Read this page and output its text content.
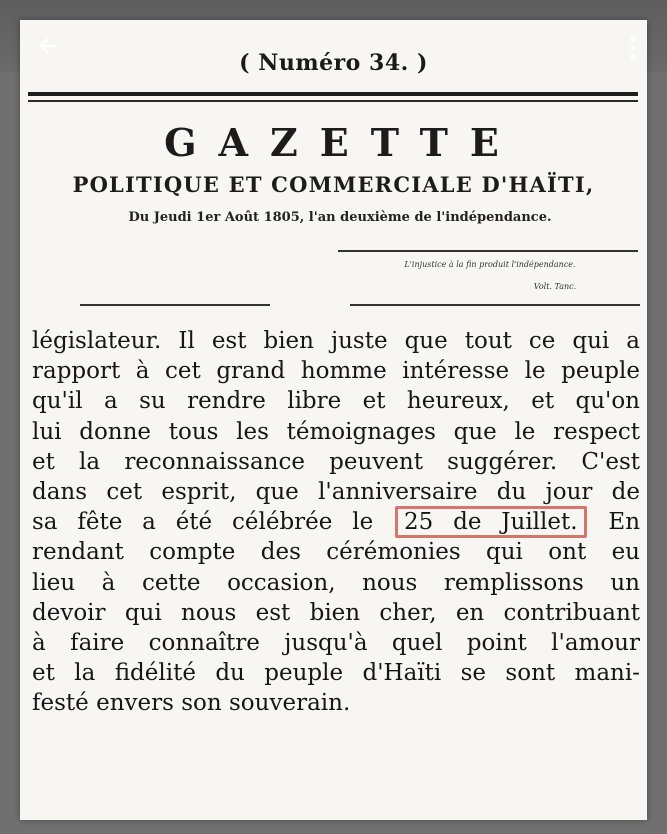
( Numéro 34. )
GAZETTE
POLITIQUE ET COMMERCIALE D'HAÏTI,
Du Jeudi 1er Août 1805, l'an deuxième de l'indépendance.
L'injustice à la fin produit l'indépendance.
Volt. Tanc.
législateur. Il est bien juste que tout ce qui a
rapport à cet grand homme intéresse le peuple
qu'il a su rendre libre et heureux, et qu'on
lui donne tous les témoignages que le respect
et la reconnaissance peuvent suggérer. C'est
dans cet esprit, que l'anniversaire du jour de
sa fête a été célébrée le 25 de Juillet. En
rendant compte des cérémonies qui ont eu
lieu à cette occasion, nous remplissons un
devoir qui nous est bien cher, en contribuant
à faire connaître jusqu'à quel point l'amour
et la fidélité du peuple d'Haïti se sont mani-
festé envers son souverain.
